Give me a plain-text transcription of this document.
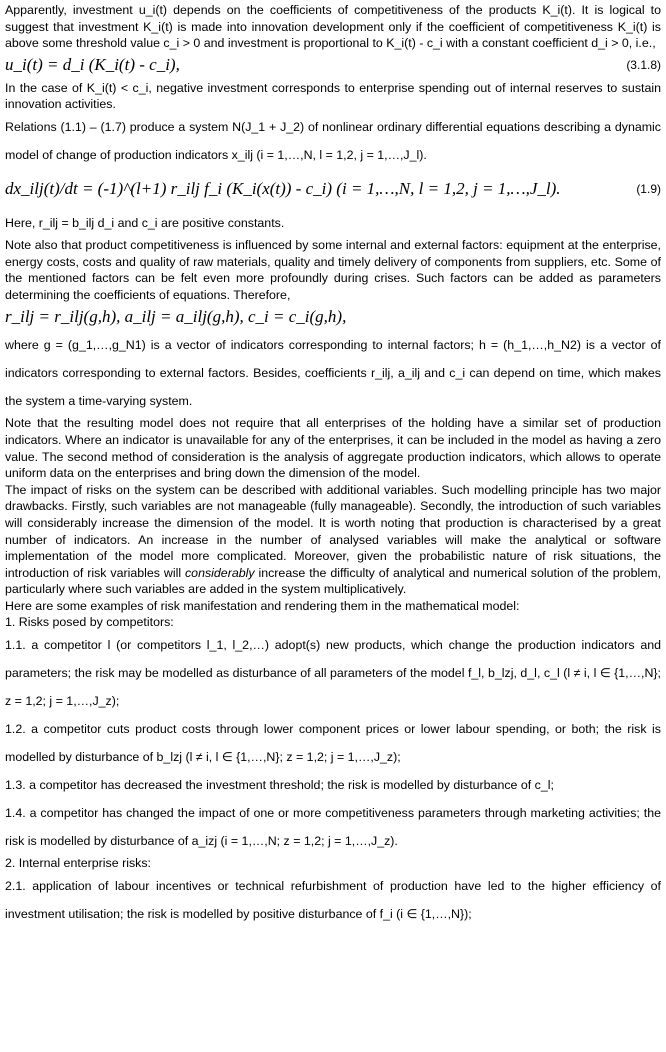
Apparently, investment u_i(t) depends on the coefficients of competitiveness of the products K_i(t). It is logical to suggest that investment K_i(t) is made into innovation development only if the coefficient of competitiveness K_i(t) is above some threshold value c_i > 0 and investment is proportional to K_i(t) - c_i with a constant coefficient d_i > 0, i.e.,

u_i(t) = d_i (K_i(t) - c_i),	(3.1.8)

In the case of K_i(t) < c_i, negative investment corresponds to enterprise spending out of internal reserves to sustain innovation activities.

Relations (1.1) – (1.7) produce a system N(J_1 + J_2) of nonlinear ordinary differential equations describing a dynamic model of change of production indicators x_ilj (i = 1,…,N, l = 1,2, j = 1,…,J_l).

dx_ilj(t)/dt = (-1)^(l+1) r_ilj f_i (K_i(x(t)) - c_i) (i = 1,…,N, l = 1,2, j = 1,…,J_l).	(1.9)

Here, r_ilj = b_ilj d_i and c_i are positive constants.

Note also that product competitiveness is influenced by some internal and external factors: equipment at the enterprise, energy costs, costs and quality of raw materials, quality and timely delivery of components from suppliers, etc. Some of the mentioned factors can be felt even more profoundly during crises. Such factors can be added as parameters determining the coefficients of equations. Therefore,

r_ilj = r_ilj(g,h), a_ilj = a_ilj(g,h), c_i = c_i(g,h),

where g = (g_1,…,g_N1) is a vector of indicators corresponding to internal factors; h = (h_1,…,h_N2) is a vector of indicators corresponding to external factors. Besides, coefficients r_ilj, a_ilj and c_i can depend on time, which makes the system a time-varying system.

Note that the resulting model does not require that all enterprises of the holding have a similar set of production indicators. Where an indicator is unavailable for any of the enterprises, it can be included in the model as having a zero value. The second method of consideration is the analysis of aggregate production indicators, which allows to operate uniform data on the enterprises and bring down the dimension of the model.

The impact of risks on the system can be described with additional variables. Such modelling principle has two major drawbacks. Firstly, such variables are not manageable (fully manageable). Secondly, the introduction of such variables will considerably increase the dimension of the model. It is worth noting that production is characterised by a great number of indicators. An increase in the number of analysed variables will make the analytical or software implementation of the model more complicated. Moreover, given the probabilistic nature of risk situations, the introduction of risk variables will considerably increase the difficulty of analytical and numerical solution of the problem, particularly where such variables are added in the system multiplicatively.

Here are some examples of risk manifestation and rendering them in the mathematical model:

1. Risks posed by competitors:

1.1. a competitor l (or competitors l_1, l_2,…) adopt(s) new products, which change the production indicators and parameters; the risk may be modelled as disturbance of all parameters of the model f_l, b_lzj, d_l, c_l (l ≠ i, l ∈ {1,…,N}; z = 1,2; j = 1,…,J_z);

1.2. a competitor cuts product costs through lower component prices or lower labour spending, or both; the risk is modelled by disturbance of b_lzj (l ≠ i, l ∈ {1,…,N}; z = 1,2; j = 1,…,J_z);

1.3. a competitor has decreased the investment threshold; the risk is modelled by disturbance of c_l;

1.4. a competitor has changed the impact of one or more competitiveness parameters through marketing activities; the risk is modelled by disturbance of a_izj (i = 1,…,N; z = 1,2; j = 1,…,J_z).

2. Internal enterprise risks:

2.1. application of labour incentives or technical refurbishment of production have led to the higher efficiency of investment utilisation; the risk is modelled by positive disturbance of f_i (i ∈ {1,…,N});
